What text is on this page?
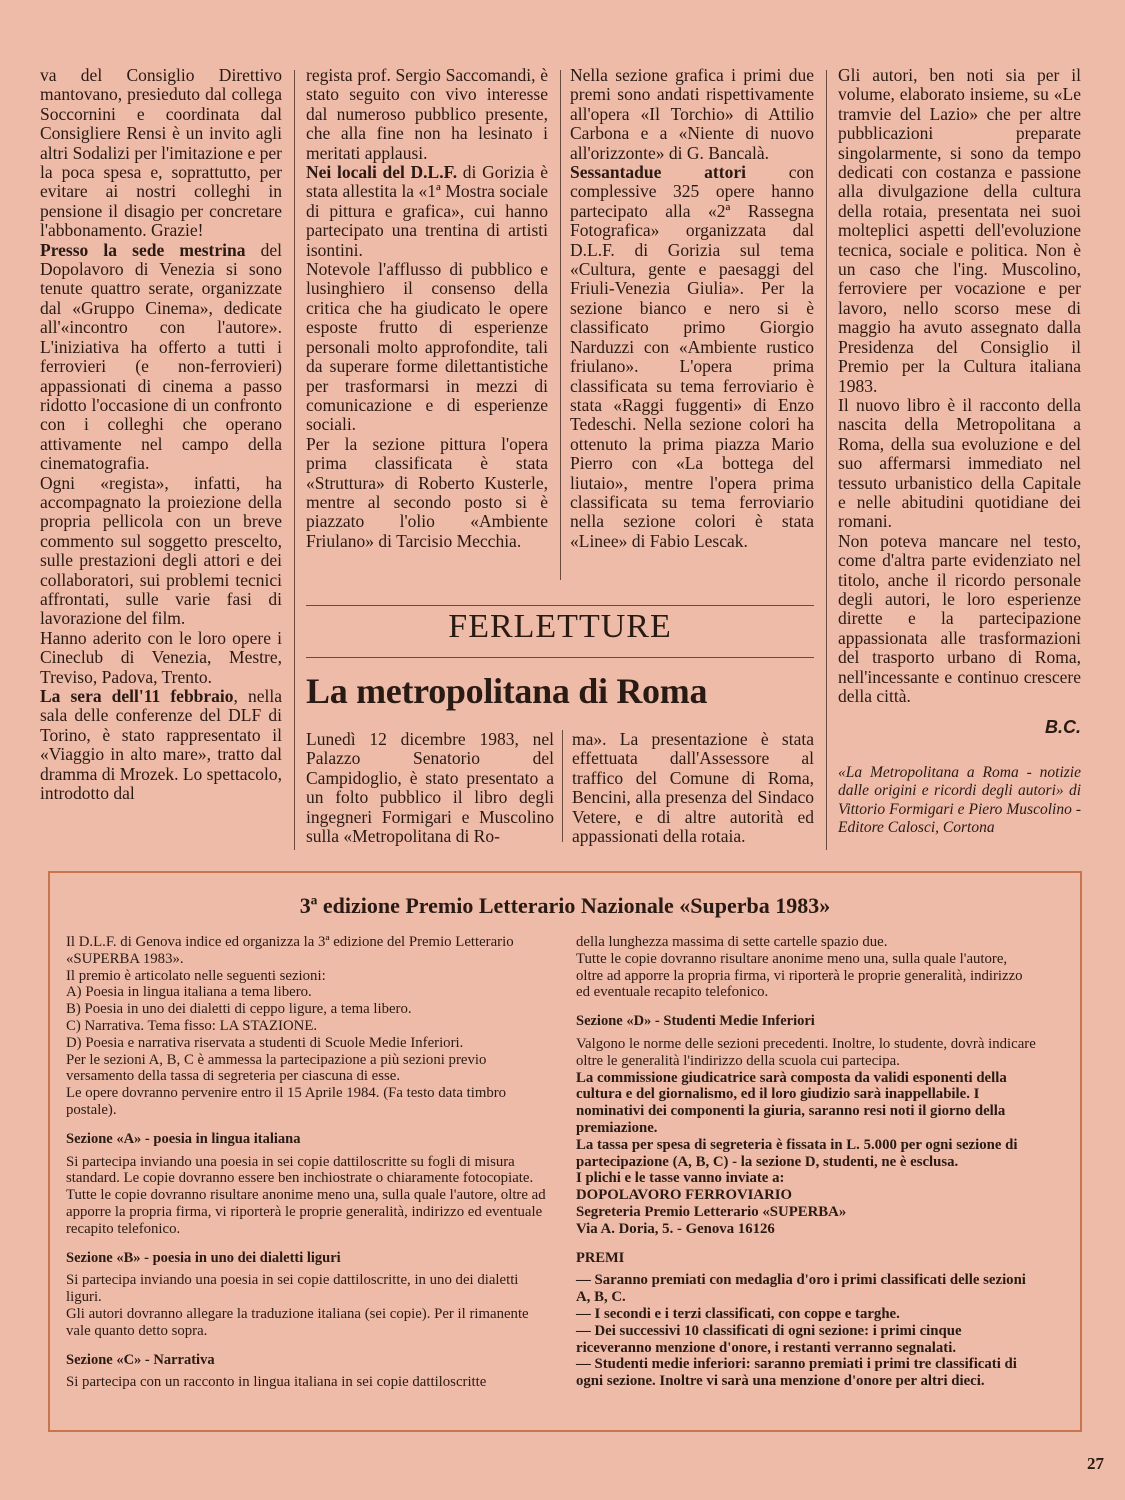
va del Consiglio Direttivo mantovano, presieduto dal collega Soccornini e coordinata dal Consigliere Rensi è un invito agli altri Sodalizi per l'imitazione e per la poca spesa e, soprattutto, per evitare ai nostri colleghi in pensione il disagio per concretare l'abbonamento. Grazie!

Presso la sede mestrina del Dopolavoro di Venezia si sono tenute quattro serate, organizzate dal «Gruppo Cinema», dedicate all'«incontro con l'autore». L'iniziativa ha offerto a tutti i ferrovieri (e non-ferrovieri) appassionati di cinema a passo ridotto l'occasione di un confronto con i colleghi che operano attivamente nel campo della cinematografia.

Ogni «regista», infatti, ha accompagnato la proiezione della propria pellicola con un breve commento sul soggetto prescelto, sulle prestazioni degli attori e dei collaboratori, sui problemi tecnici affrontati, sulle varie fasi di lavorazione del film.

Hanno aderito con le loro opere i Cineclub di Venezia, Mestre, Treviso, Padova, Trento.

La sera dell'11 febbraio, nella sala delle conferenze del DLF di Torino, è stato rappresentato il «Viaggio in alto mare», tratto dal dramma di Mrozek. Lo spettacolo, introdotto dal

regista prof. Sergio Saccomandi, è stato seguito con vivo interesse dal numeroso pubblico presente, che alla fine non ha lesinato i meritati applausi.

Nei locali del D.L.F. di Gorizia è stata allestita la «1ª Mostra sociale di pittura e grafica», cui hanno partecipato una trentina di artisti isontini.

Notevole l'afflusso di pubblico e lusinghiero il consenso della critica che ha giudicato le opere esposte frutto di esperienze personali molto approfondite, tali da superare forme dilettantistiche per trasformarsi in mezzi di comunicazione e di esperienze sociali.

Per la sezione pittura l'opera prima classificata è stata «Struttura» di Roberto Kusterle, mentre al secondo posto si è piazzato l'olio «Ambiente Friulano» di Tarcisio Mecchia.

Nella sezione grafica i primi due premi sono andati rispettivamente all'opera «Il Torchio» di Attilio Carbona e a «Niente di nuovo all'orizzonte» di G. Bancalà.

Sessantadue attori con complessive 325 opere hanno partecipato alla «2ª Rassegna Fotografica» organizzata dal D.L.F. di Gorizia sul tema «Cultura, gente e paesaggi del Friuli-Venezia Giulia». Per la sezione bianco e nero si è classificato primo Giorgio Narduzzi con «Ambiente rustico friulano». L'opera prima classificata su tema ferroviario è stata «Raggi fuggenti» di Enzo Tedeschi. Nella sezione colori ha ottenuto la prima piazza Mario Pierro con «La bottega del liutaio», mentre l'opera prima classificata su tema ferroviario nella sezione colori è stata «Linee» di Fabio Lescak.

Gli autori, ben noti sia per il volume, elaborato insieme, su «Le tramvie del Lazio» che per altre pubblicazioni preparate singolarmente, si sono da tempo dedicati con costanza e passione alla divulgazione della cultura della rotaia, presentata nei suoi molteplici aspetti dell'evoluzione tecnica, sociale e politica. Non è un caso che l'ing. Muscolino, ferroviere per vocazione e per lavoro, nello scorso mese di maggio ha avuto assegnato dalla Presidenza del Consiglio il Premio per la Cultura italiana 1983.

Il nuovo libro è il racconto della nascita della Metropolitana a Roma, della sua evoluzione e del suo affermarsi immediato nel tessuto urbanistico della Capitale e nelle abitudini quotidiane dei romani.

Non poteva mancare nel testo, come d'altra parte evidenziato nel titolo, anche il ricordo personale degli autori, le loro esperienze dirette e la partecipazione appassionata alle trasformazioni del trasporto urbano di Roma, nell'incessante e continuo crescere della città.

FERLETTURE
La metropolitana di Roma

Lunedì 12 dicembre 1983, nel Palazzo Senatorio del Campidoglio, è stato presentato a un folto pubblico il libro degli ingegneri Formigari e Muscolino sulla «Metropolitana di Ro-

ma». La presentazione è stata effettuata dall'Assessore al traffico del Comune di Roma, Bencini, alla presenza del Sindaco Vetere, e di altre autorità ed appassionati della rotaia.

B.C.
«La Metropolitana a Roma - notizie dalle origini e ricordi degli autori» di Vittorio Formigari e Piero Muscolino - Editore Calosci, Cortona
3ª edizione Premio Letterario Nazionale «Superba 1983»

Il D.L.F. di Genova indice ed organizza la 3ª edizione del Premio Letterario «SUPERBA 1983».

Il premio è articolato nelle seguenti sezioni:

A) Poesia in lingua italiana a tema libero.

B) Poesia in uno dei dialetti di ceppo ligure, a tema libero.

C) Narrativa. Tema fisso: LA STAZIONE.

D) Poesia e narrativa riservata a studenti di Scuole Medie Inferiori.

Per le sezioni A, B, C è ammessa la partecipazione a più sezioni previo versamento della tassa di segreteria per ciascuna di esse.

Le opere dovranno pervenire entro il 15 Aprile 1984. (Fa testo data timbro postale).

Sezione «A» - poesia in lingua italiana

Si partecipa inviando una poesia in sei copie dattiloscritte su fogli di misura standard. Le copie dovranno essere ben inchiostrate o chiaramente fotocopiate.

Tutte le copie dovranno risultare anonime meno una, sulla quale l'autore, oltre ad apporre la propria firma, vi riporterà le proprie generalità, indirizzo ed eventuale recapito telefonico.

Sezione «B» - poesia in uno dei dialetti liguri

Si partecipa inviando una poesia in sei copie dattiloscritte, in uno dei dialetti liguri.

Gli autori dovranno allegare la traduzione italiana (sei copie). Per il rimanente vale quanto detto sopra.

Sezione «C» - Narrativa

Si partecipa con un racconto in lingua italiana in sei copie dattiloscritte

della lunghezza massima di sette cartelle spazio due.

Tutte le copie dovranno risultare anonime meno una, sulla quale l'autore, oltre ad apporre la propria firma, vi riporterà le proprie generalità, indirizzo ed eventuale recapito telefonico.

Sezione «D» - Studenti Medie Inferiori

Valgono le norme delle sezioni precedenti. Inoltre, lo studente, dovrà indicare oltre le generalità l'indirizzo della scuola cui partecipa.

La commissione giudicatrice sarà composta da validi esponenti della cultura e del giornalismo, ed il loro giudizio sarà inappellabile. I nominativi dei componenti la giuria, saranno resi noti il giorno della premiazione.

La tassa per spesa di segreteria è fissata in L. 5.000 per ogni sezione di partecipazione (A, B, C) - la sezione D, studenti, ne è esclusa.

I plichi e le tasse vanno inviate a:

DOPOLAVORO FERROVIARIO

Segreteria Premio Letterario «SUPERBA»

Via A. Doria, 5. - Genova 16126

PREMI

— Saranno premiati con medaglia d'oro i primi classificati delle sezioni A, B, C.

— I secondi e i terzi classificati, con coppe e targhe.

— Dei successivi 10 classificati di ogni sezione: i primi cinque riceveranno menzione d'onore, i restanti verranno segnalati.

— Studenti medie inferiori: saranno premiati i primi tre classificati di ogni sezione. Inoltre vi sarà una menzione d'onore per altri dieci.

27
